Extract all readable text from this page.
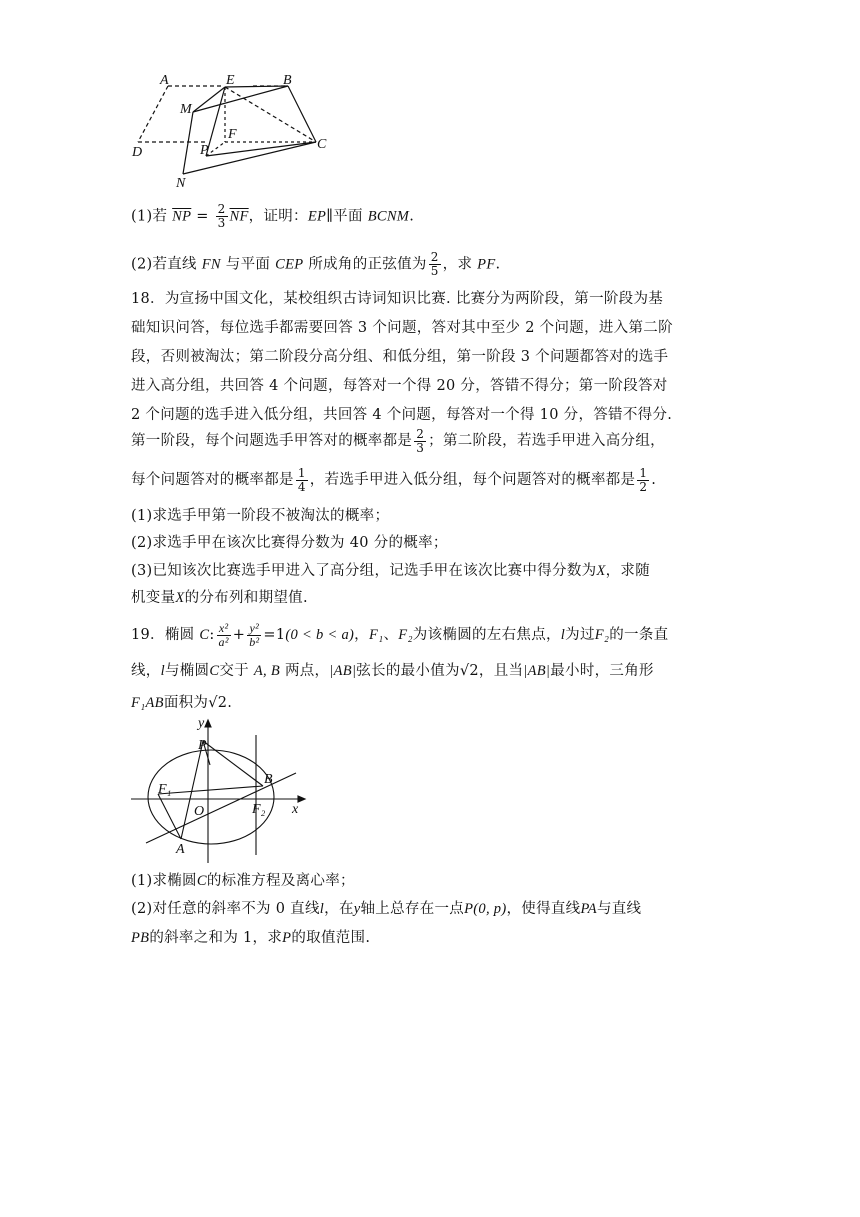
A	E	B
M
F
D	P	C
N
(1)若 $\overline{NP} = \frac{2}{3} \overline{NF}$，证明：EP∥平面 BCNM.
(2)若直线 FN 与平面 CEP 所成角的正弦值为 $\frac{2}{5}$ ，求 PF.
18．为宣扬中国文化，某校组织古诗词知识比赛. 比赛分为两阶段，第一阶段为基
础知识问答，每位选手都需要回答 3 个问题，答对其中至少 2 个问题，进入第二阶
段，否则被淘汰；第二阶段分高分组、和低分组，第一阶段 3 个问题都答对的选手
进入高分组，共回答 4 个问题，每答对一个得 20 分，答错不得分；第一阶段答对
2 个问题的选手进入低分组，共回答 4 个问题，每答对一个得 10 分，答错不得分.
第一阶段，每个问题选手甲答对的概率都是 $\frac{2}{3}$ ；第二阶段，若选手甲进入高分组，
每个问题答对的概率都是 $\frac{1}{4}$ ，若选手甲进入低分组，每个问题答对的概率都是 $\frac{1}{2}$ .
(1)求选手甲第一阶段不被淘汰的概率；
(2)求选手甲在该次比赛得分数为 40 分的概率；
(3)已知该次比赛选手甲进入了高分组，记选手甲在该次比赛中得分数为X，求随
机变量X的分布列和期望值.
19．椭圆 C: $\frac{\text{x²}}{\text{a²}} + \frac{\text{y²}}{\text{b²}} =1(0 < b < a)$，F₁、F₂为该椭圆的左右焦点，l为过F₂的一条直
线，l与椭圆C交于 A, B 两点，|AB|弦长的最小值为√2，且当|AB|最小时，三角形
F₁AB面积为√2.
y
x
P
B
F₁
O	F₂
A
(1)求椭圆C的标准方程及离心率；
(2)对任意的斜率不为 0 直线l，在y轴上总存在一点P(0, p)，使得直线PA与直线
PB的斜率之和为 1，求P的取值范围.
